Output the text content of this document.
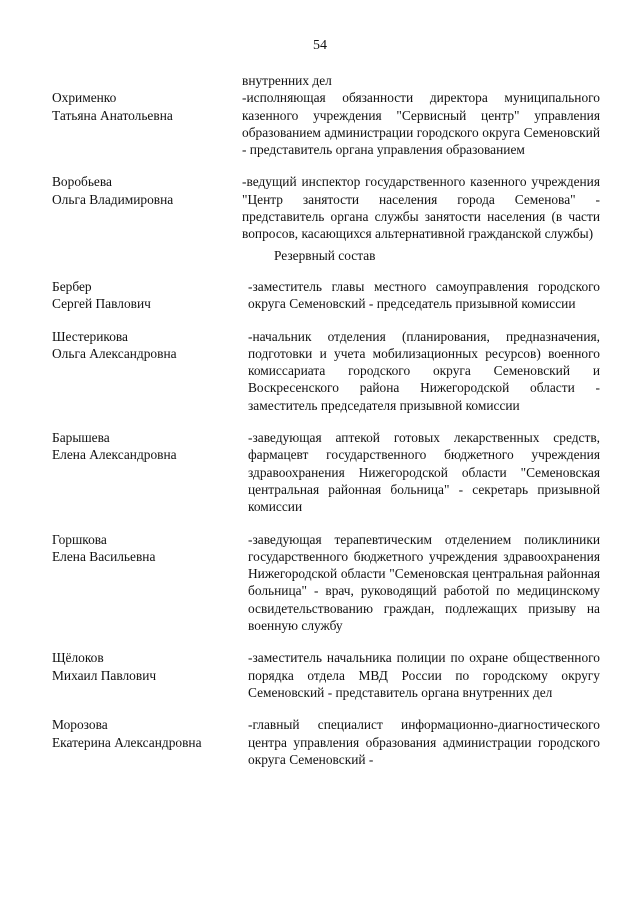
54
внутренних дел
Охрименко
Татьяна Анатольевна
-исполняющая обязанности директора муниципального казенного учреждения "Сервисный центр" управления образованием администрации городского округа Семеновский - представитель органа управления образованием
Воробьева
Ольга Владимировна
-ведущий инспектор государственного казенного учреждения "Центр занятости населения города Семенова" - представитель органа службы занятости населения (в части вопросов, касающихся альтернативной гражданской службы)
Резервный состав
Бербер
Сергей Павлович
-заместитель главы местного самоуправления городского округа Семеновский - председатель призывной комиссии
Шестерикова
Ольга Александровна
-начальник отделения (планирования, предназначения, подготовки и учета мобилизационных ресурсов) военного комиссариата городского округа Семеновский и Воскресенского района Нижегородской области - заместитель председателя призывной комиссии
Барышева
Елена Александровна
-заведующая аптекой готовых лекарственных средств, фармацевт государственного бюджетного учреждения здравоохранения Нижегородской области "Семеновская центральная районная больница" - секретарь призывной комиссии
Горшкова
Елена Васильевна
-заведующая терапевтическим отделением поликлиники государственного бюджетного учреждения здравоохранения Нижегородской области "Семеновская центральная районная больница" - врач, руководящий работой по медицинскому освидетельствованию граждан, подлежащих призыву на военную службу
Щёлоков
Михаил Павлович
-заместитель начальника полиции по охране общественного порядка отдела МВД России по городскому округу Семеновский - представитель органа внутренних дел
Морозова
Екатерина Александровна
-главный специалист информационно-диагностического центра управления образования администрации городского округа Семеновский -
